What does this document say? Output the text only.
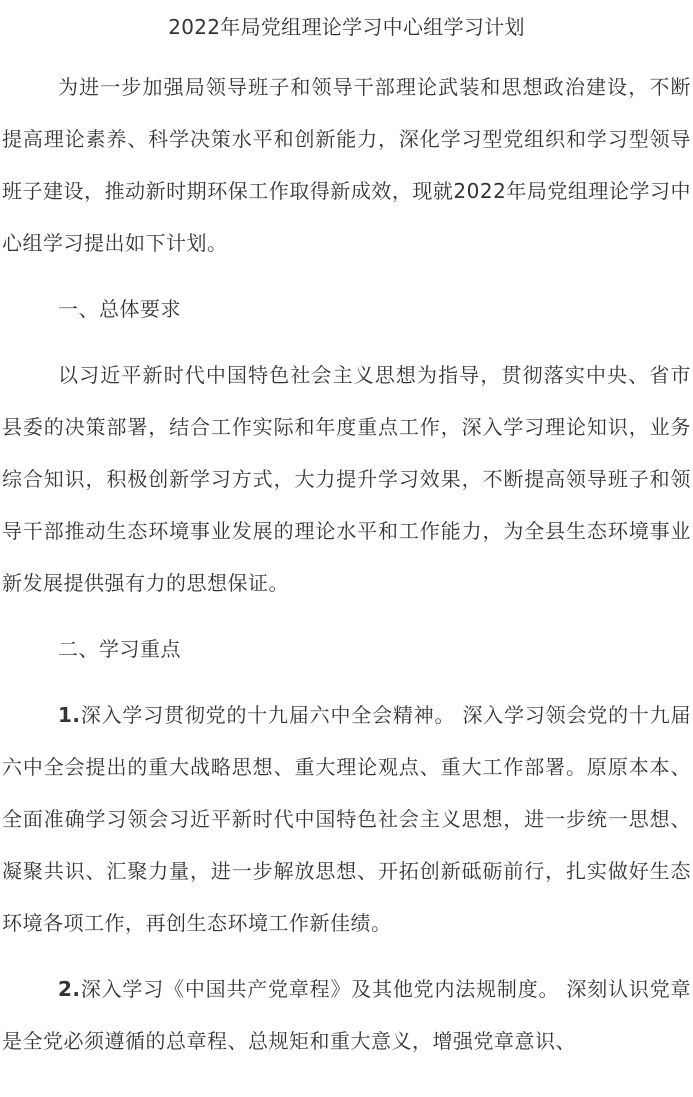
2022年局党组理论学习中心组学习计划

为进一步加强局领导班子和领导干部理论武装和思想政治建设，不断提高理论素养、科学决策水平和创新能力，深化学习型党组织和学习型领导班子建设，推动新时期环保工作取得新成效，现就2022年局党组理论学习中心组学习提出如下计划。

一、总体要求

以习近平新时代中国特色社会主义思想为指导，贯彻落实中央、省市县委的决策部署，结合工作实际和年度重点工作，深入学习理论知识，业务综合知识，积极创新学习方式，大力提升学习效果，不断提高领导班子和领导干部推动生态环境事业发展的理论水平和工作能力，为全县生态环境事业新发展提供强有力的思想保证。

二、学习重点

1.深入学习贯彻党的十九届六中全会精神。 深入学习领会党的十九届六中全会提出的重大战略思想、重大理论观点、重大工作部署。原原本本、全面准确学习领会习近平新时代中国特色社会主义思想，进一步统一思想、凝聚共识、汇聚力量，进一步解放思想、开拓创新砥砺前行，扎实做好生态环境各项工作，再创生态环境工作新佳绩。

2.深入学习《中国共产党章程》及其他党内法规制度。 深刻认识党章是全党必须遵循的总章程、总规矩和重大意义，增强党章意识、
